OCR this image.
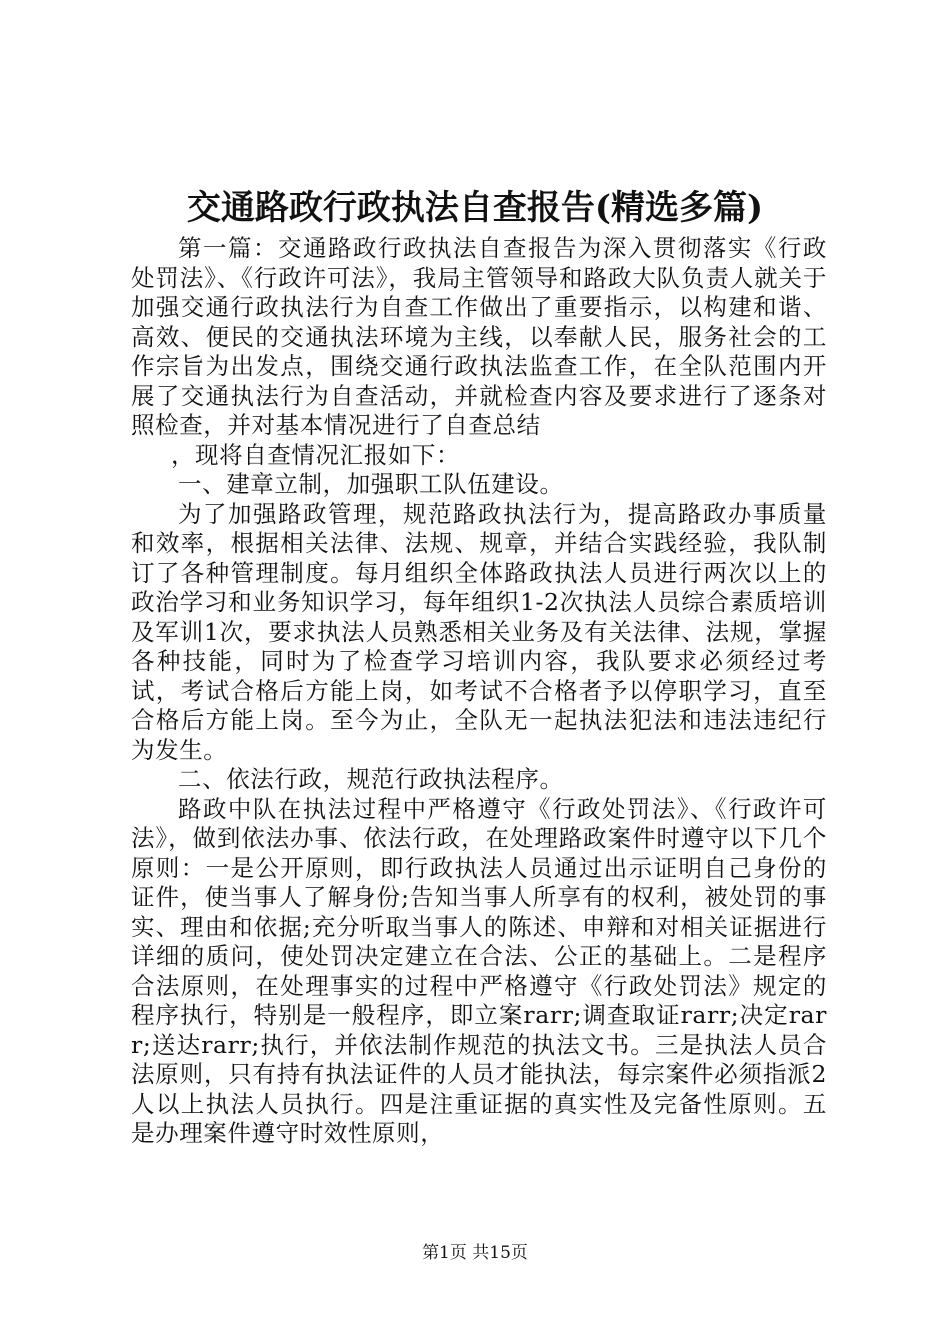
交通路政行政执法自查报告(精选多篇)

第一篇：交通路政行政执法自查报告为深入贯彻落实《行政处罚法》、《行政许可法》，我局主管领导和路政大队负责人就关于加强交通行政执法行为自查工作做出了重要指示，以构建和谐、高效、便民的交通执法环境为主线，以奉献人民，服务社会的工作宗旨为出发点，围绕交通行政执法监查工作，在全队范围内开展了交通执法行为自查活动，并就检查内容及要求进行了逐条对照检查，并对基本情况进行了自查总结

，现将自查情况汇报如下：

一、建章立制，加强职工队伍建设。

为了加强路政管理，规范路政执法行为，提高路政办事质量和效率，根据相关法律、法规、规章，并结合实践经验，我队制订了各种管理制度。每月组织全体路政执法人员进行两次以上的政治学习和业务知识学习，每年组织1-2次执法人员综合素质培训及军训1次，要求执法人员熟悉相关业务及有关法律、法规，掌握各种技能，同时为了检查学习培训内容，我队要求必须经过考试，考试合格后方能上岗，如考试不合格者予以停职学习，直至合格后方能上岗。至今为止，全队无一起执法犯法和违法违纪行为发生。

二、依法行政，规范行政执法程序。

路政中队在执法过程中严格遵守《行政处罚法》、《行政许可法》，做到依法办事、依法行政，在处理路政案件时遵守以下几个原则：一是公开原则，即行政执法人员通过出示证明自己身份的证件，使当事人了解身份;告知当事人所享有的权利，被处罚的事实、理由和依据;充分听取当事人的陈述、申辩和对相关证据进行详细的质问，使处罚决定建立在合法、公正的基础上。二是程序合法原则，在处理事实的过程中严格遵守《行政处罚法》规定的程序执行，特别是一般程序，即立案rarr;调查取证rarr;决定rarr;送达rarr;执行，并依法制作规范的执法文书。三是执法人员合法原则，只有持有执法证件的人员才能执法，每宗案件必须指派2人以上执法人员执行。四是注重证据的真实性及完备性原则。五是办理案件遵守时效性原则，

第1页 共15页
